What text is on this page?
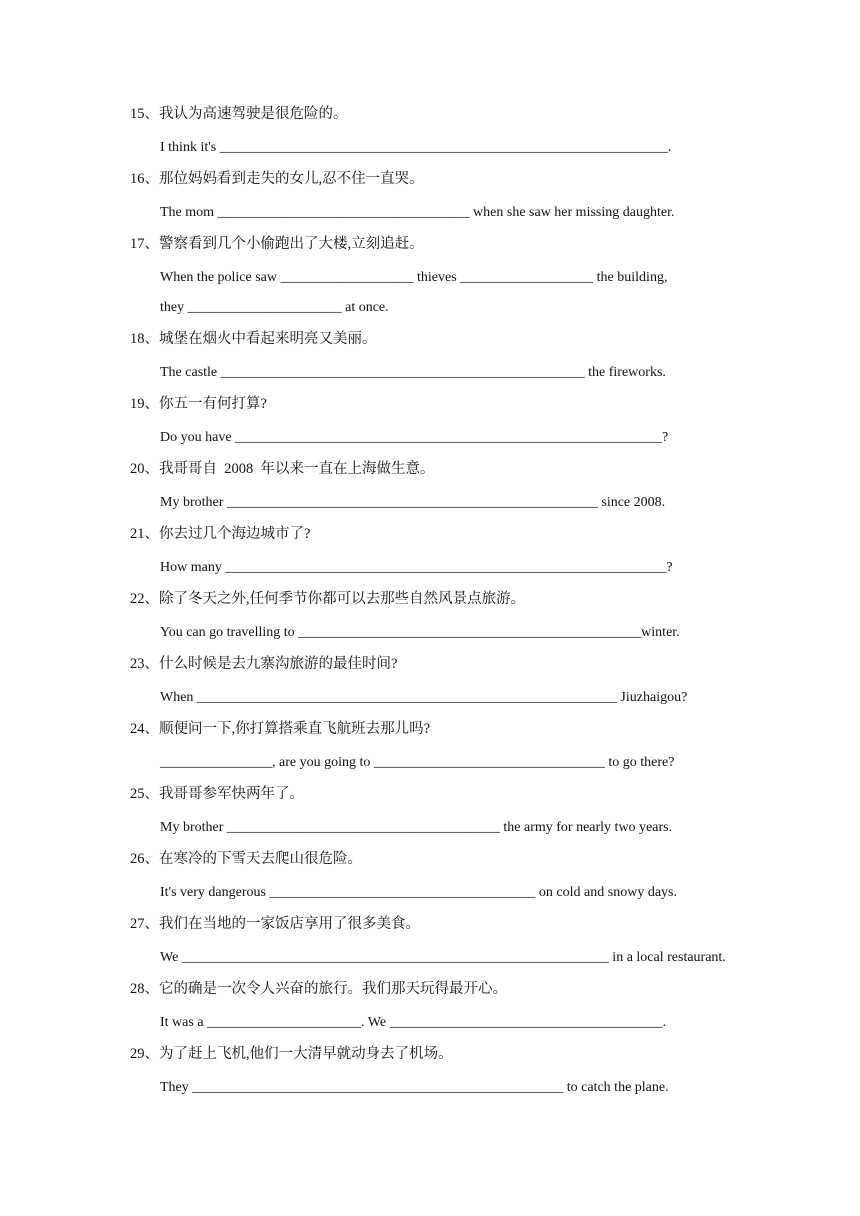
15、我认为高速驾驶是很危险的。
I think it's ________________________________________________________________.
16、那位妈妈看到走失的女儿,忍不住一直哭。
The mom ____________________________________ when she saw her missing daughter.
17、警察看到几个小偷跑出了大楼,立刻追赶。
When the police saw ___________________ thieves ___________________ the building,
they ______________________ at once.
18、城堡在烟火中看起来明亮又美丽。
The castle ____________________________________________________ the fireworks.
19、你五一有何打算?
Do you have _____________________________________________________________?
20、我哥哥自  2008  年以来一直在上海做生意。
My brother _____________________________________________________ since 2008.
21、你去过几个海边城市了?
How many _______________________________________________________________?
22、除了冬天之外,任何季节你都可以去那些自然风景点旅游。
You can go travelling to _________________________________________________winter.
23、什么时候是去九寨沟旅游的最佳时间?
When ____________________________________________________________ Jiuzhaigou?
24、顺便问一下,你打算搭乘直飞航班去那儿吗?
________________, are you going to _________________________________ to go there?
25、我哥哥参军快两年了。
My brother _______________________________________ the army for nearly two years.
26、在寒冷的下雪天去爬山很危险。
It's very dangerous ______________________________________ on cold and snowy days.
27、我们在当地的一家饭店享用了很多美食。
We _____________________________________________________________ in a local restaurant.
28、它的确是一次令人兴奋的旅行。我们那天玩得最开心。
It was a ______________________. We _______________________________________.
29、为了赶上飞机,他们一大清早就动身去了机场。
They _____________________________________________________ to catch the plane.
